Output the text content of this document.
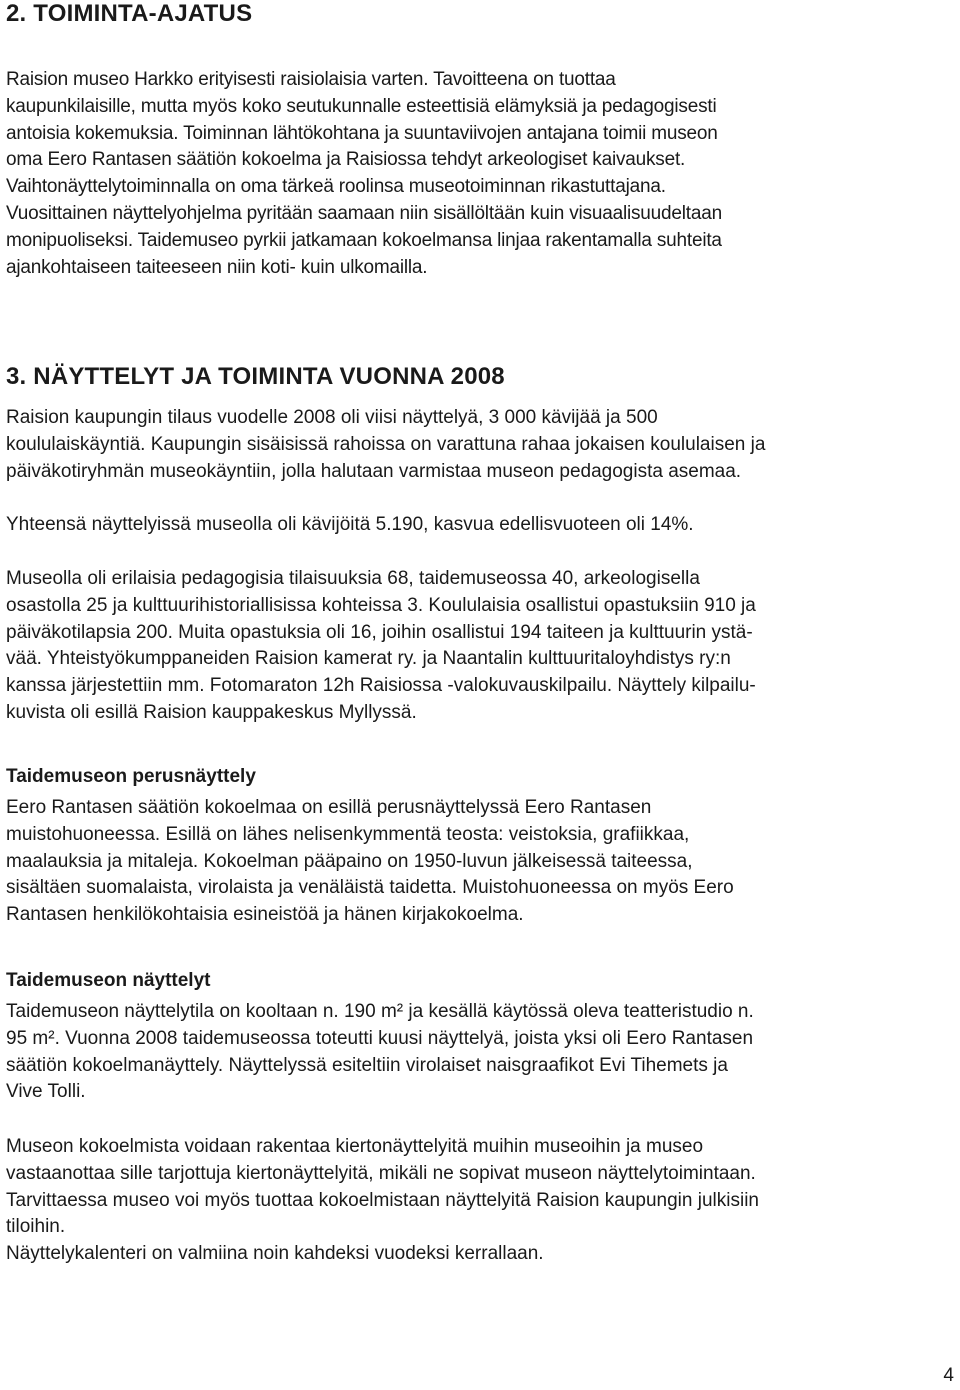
2. TOIMINTA-AJATUS
Raision museo Harkko erityisesti raisiolaisia varten. Tavoitteena on tuottaa
kaupunkilaisille, mutta myös koko seutukunnalle esteettisiä elämyksiä ja pedagogisesti
antoisia kokemuksia. Toiminnan lähtökohtana ja suuntaviivojen antajana toimii museon
oma Eero Rantasen säätiön kokoelma ja Raisiossa tehdyt arkeologiset kaivaukset.
Vaihtonäyttelytoiminnalla on oma tärkeä roolinsa museotoiminnan rikastuttajana.
Vuosittainen näyttelyohjelma pyritään saamaan niin sisällöltään kuin visuaalisuudeltaan
monipuoliseksi. Taidemuseo pyrkii jatkamaan kokoelmansa linjaa rakentamalla suhteita
ajankohtaiseen taiteeseen niin koti- kuin ulkomailla.
3. NÄYTTELYT JA TOIMINTA VUONNA 2008
Raision kaupungin tilaus vuodelle 2008 oli viisi näyttelyä, 3 000 kävijää ja 500
koululaiskäyntiä. Kaupungin sisäisissä rahoissa on varattuna rahaa jokaisen koululaisen ja
päiväkotiryhmän museokäyntiin, jolla halutaan varmistaa museon pedagogista asemaa.
Yhteensä näyttelyissä museolla oli kävijöitä 5.190, kasvua edellisvuoteen oli 14%.
Museolla oli erilaisia pedagogisia tilaisuuksia 68, taidemuseossa 40, arkeologisella
osastolla 25 ja kulttuurihistoriallisissa kohteissa 3. Koululaisia osallistui opastuksiin 910 ja
päiväkotilapsia 200. Muita opastuksia oli 16, joihin osallistui 194 taiteen ja kulttuurin ystä-
vää. Yhteistyökumppaneiden Raision kamerat ry. ja Naantalin kulttuuritaloyhdistys ry:n
kanssa järjestettiin mm. Fotomaraton 12h Raisiossa -valokuvauskilpailu. Näyttely kilpailu-
kuvista oli esillä Raision kauppakeskus Myllyssä.
Taidemuseon perusnäyttely
Eero Rantasen säätiön kokoelmaa on esillä perusnäyttelyssä Eero Rantasen
muistohuoneessa. Esillä on lähes nelisenkymmentä teosta: veistoksia, grafiikkaa,
maalauksia ja mitaleja. Kokoelman pääpaino on 1950-luvun jälkeisessä taiteessa,
sisältäen suomalaista, virolaista ja venäläistä taidetta. Muistohuoneessa on myös Eero
Rantasen henkilökohtaisia esineistöä ja hänen kirjakokoelma.
Taidemuseon näyttelyt
Taidemuseon näyttelytila on kooltaan n. 190 m² ja kesällä käytössä oleva teatteristudio n.
95 m². Vuonna 2008 taidemuseossa toteutti kuusi näyttelyä, joista yksi oli Eero Rantasen
säätiön kokoelmanäyttely. Näyttelyssä esiteltiin virolaiset naisgraafikot Evi Tihemets ja
Vive Tolli.
Museon kokoelmista voidaan rakentaa kiertonäyttelyitä muihin museoihin ja museo
vastaanottaa sille tarjottuja kiertonäyttelyitä, mikäli ne sopivat museon näyttelytoimintaan.
Tarvittaessa museo voi myös tuottaa kokoelmistaan näyttelyitä Raision kaupungin julkisiin
tiloihin.
Näyttelykalenteri on valmiina noin kahdeksi vuodeksi kerrallaan.

4
